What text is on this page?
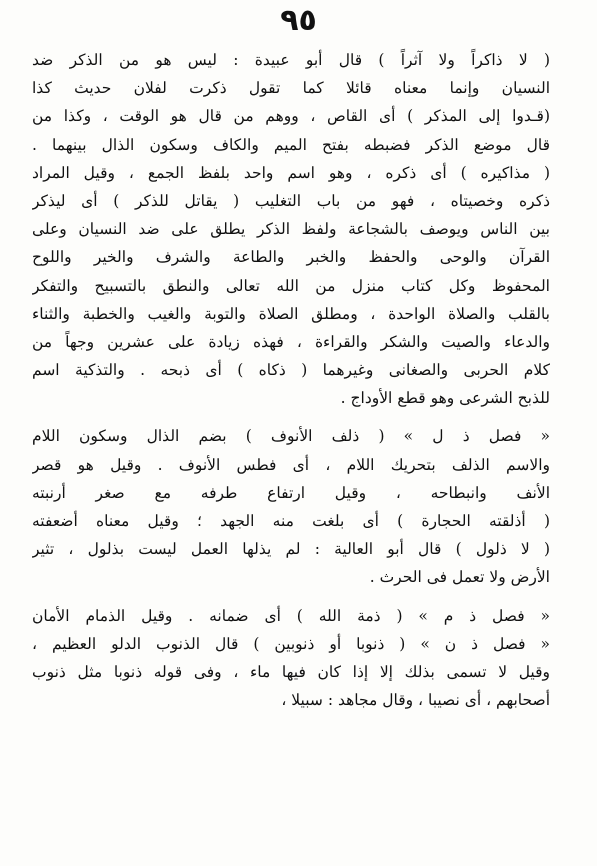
٩٥
( لا ذاكراً ولا آثراً ) قال أبو عبيدة : ليس هو من الذكر ضد
النسيان وإنما معناه قائلا كما تقول ذكرت لفلان حديث كذا
(قـدوا إلى المذكر ) أى القاص ، ووهم من قال هو الوقت ، وكذا من
قال موضع الذكر فضبطه بفتح الميم والكاف وسكون الذال بينهما .
( مذاكيره ) أى ذكره ، وهو اسم واحد بلفظ الجمع ، وقيل المراد
ذكره وخصيتاه ، فهو من باب التغليب ( يقاتل للذكر ) أى ليذكر
بين الناس ويوصف بالشجاعة ولفظ الذكر يطلق على ضد النسيان وعلى
القرآن والوحى والحفظ والخبر والطاعة والشرف والخير واللوح
المحفوظ وكل كتاب منزل من الله تعالى والنطق بالتسبيح والتفكر
بالقلب والصلاة الواحدة ، ومطلق الصلاة والتوبة والغيب والخطبة والثناء
والدعاء والصيت والشكر والقراءة ، فهذه زيادة على عشرين وجهاً من
كلام الحربى والصغانى وغيرهما ( ذكاه ) أى ذبحه . والتذكية اسم
للذبح الشرعى وهو قطع الأوداج .
« فصل ذ ل » ( ذلف الأنوف ) بضم الذال وسكون اللام
والاسم الذلف بتحريك اللام ، أى فطس الأنوف . وقيل هو قصر
الأنف وانبطاحه ، وقيل ارتفاع طرفه مع صغر أرنبته
( أذلقته الحجارة ) أى بلغت منه الجهد ؛ وقيل معناه أضعفته
( لا ذلول ) قال أبو العالية : لم يذلها العمل ليست بذلول ، تثير
الأرض ولا تعمل فى الحرث .
« فصل ذ م » ( ذمة الله ) أى ضمانه . وقيل الذمام الأمان
« فصل ذ ن » ( ذنوبا أو ذنوبين ) قال الذنوب الدلو العظيم ،
وقيل لا تسمى بذلك إلا إذا كان فيها ماء ، وفى قوله ذنوبا مثل ذنوب
أصحابهم ، أى نصيبا ، وقال مجاهد : سبيلا ،
